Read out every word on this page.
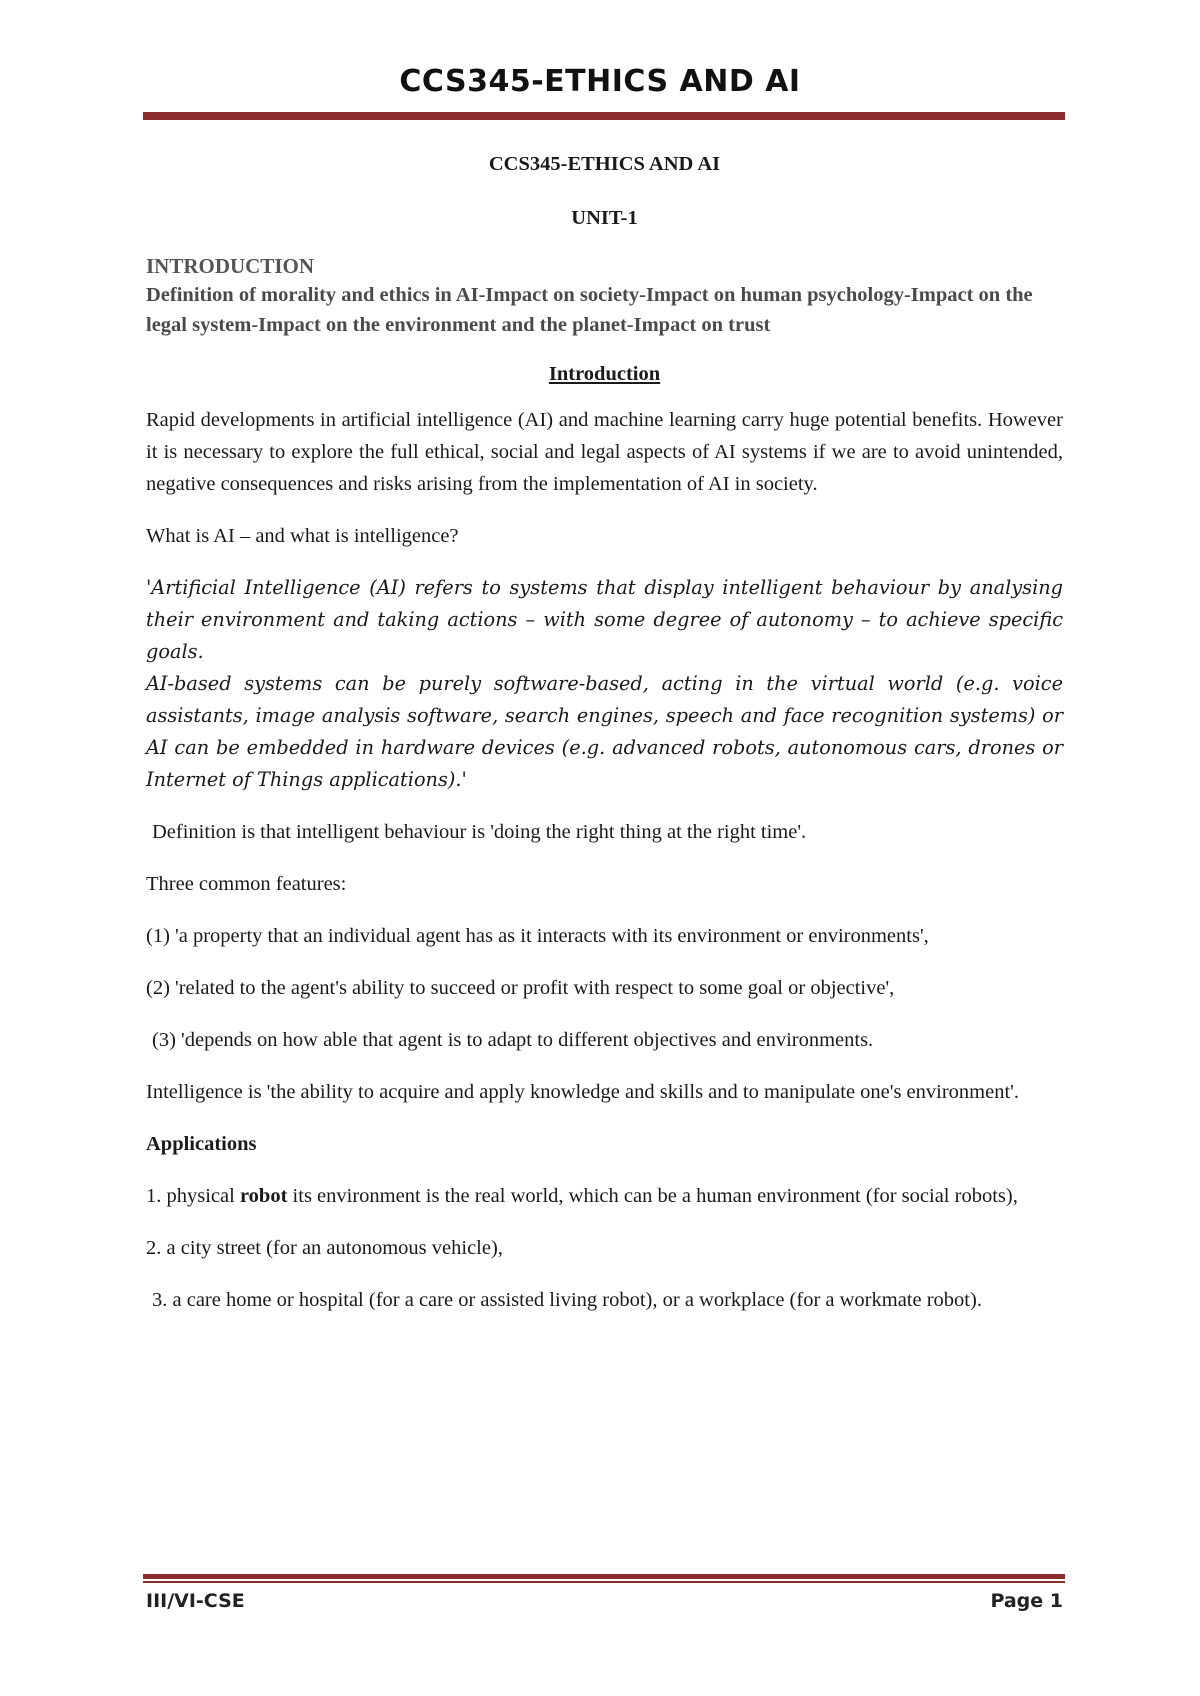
CCS345-ETHICS AND AI
CCS345-ETHICS AND AI
UNIT-1
INTRODUCTION
Definition of morality and ethics in AI-Impact on society-Impact on human psychology-Impact on the legal system-Impact on the environment and the planet-Impact on trust
Introduction

Rapid developments in artificial intelligence (AI) and machine learning carry huge potential benefits. However it is necessary to explore the full ethical, social and legal aspects of AI systems if we are to avoid unintended, negative consequences and risks arising from the implementation of AI in society.

What is AI – and what is intelligence?

'Artificial Intelligence (AI) refers to systems that display intelligent behaviour by analysing their environment and taking actions – with some degree of autonomy – to achieve specific goals.

AI-based systems can be purely software-based, acting in the virtual world (e.g. voice assistants, image analysis software, search engines, speech and face recognition systems) or AI can be embedded in hardware devices (e.g. advanced robots, autonomous cars, drones or Internet of Things applications).'

Definition is that intelligent behaviour is 'doing the right thing at the right time'.

Three common features:

(1) 'a property that an individual agent has as it interacts with its environment or environments',

(2) 'related to the agent's ability to succeed or profit with respect to some goal or objective',

(3) 'depends on how able that agent is to adapt to different objectives and environments.

Intelligence is 'the ability to acquire and apply knowledge and skills and to manipulate one's environment'.

Applications

1. physical robot its environment is the real world, which can be a human environment (for social robots),

2. a city street (for an autonomous vehicle),

3. a care home or hospital (for a care or assisted living robot), or a workplace (for a workmate robot).

III/VI-CSE	Page 1
